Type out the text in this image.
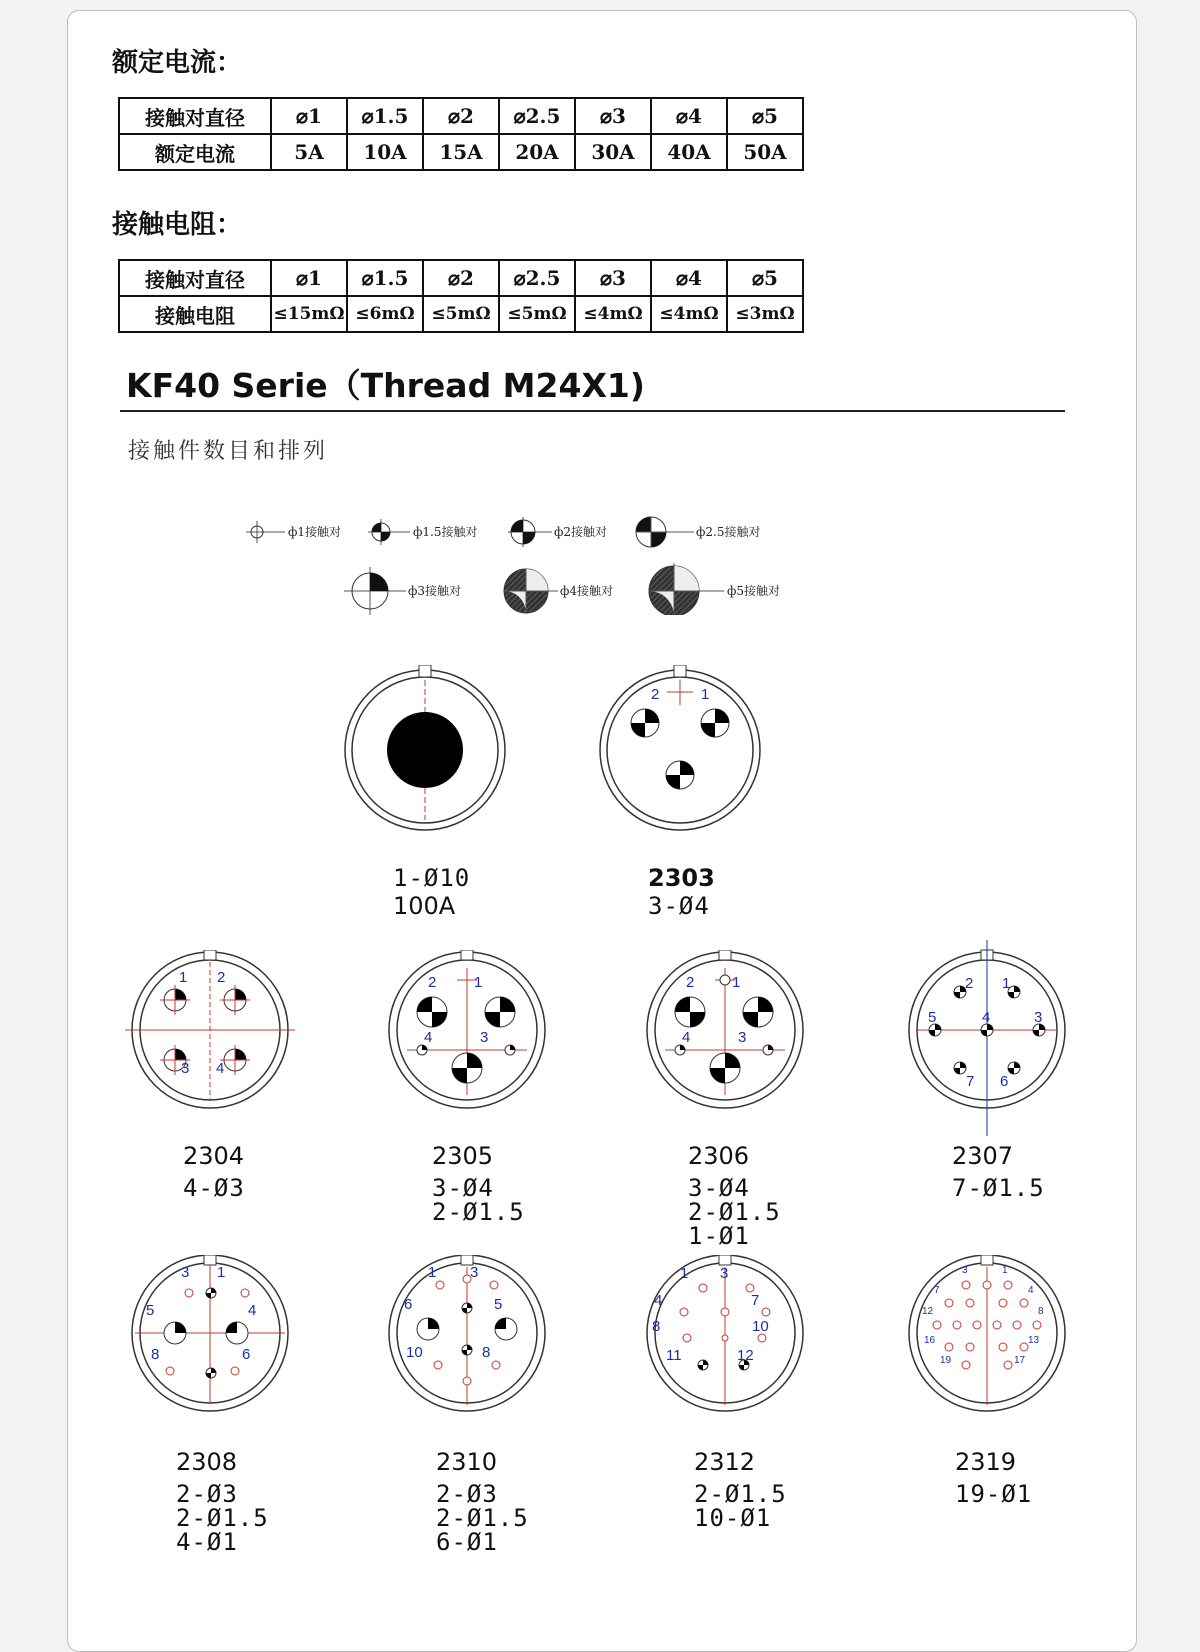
额定电流：
接触对直径	⌀1	⌀1.5	⌀2	⌀2.5	⌀3	⌀4	⌀5
额定电流	5A	10A	15A	20A	30A	40A	50A
接触电阻：
接触对直径	⌀1	⌀1.5	⌀2	⌀2.5	⌀3	⌀4	⌀5
接触电阻	≤15mΩ	≤6mΩ	≤5mΩ	≤5mΩ	≤4mΩ	≤4mΩ	≤3mΩ
KF40 Serie（Thread M24X1)

接触件数目和排列

ф1接触对	ф1.5接触对	ф2接触对	ф2.5接触对
ф3接触对	ф4接触对	ф5接触对
2	1
1 2
3 4
2	1
4	3
2	1
4	3
2 1
5	4	3
7 6
3 1
5	4
8	6
1 3
6	5
10	8
1 3
4	7
8	10
11	12
3	1
7	4
12	8
16	13
19	17
1-Ø10
100A
2303
3-Ø4
2304
4-Ø3
2305
3-Ø4
2-Ø1.5
2306
3-Ø4
2-Ø1.5
1-Ø1
2307
7-Ø1.5
2308
2-Ø3
2-Ø1.5
4-Ø1
2310
2-Ø3
2-Ø1.5
6-Ø1
2312
2-Ø1.5
10-Ø1
2319
19-Ø1
